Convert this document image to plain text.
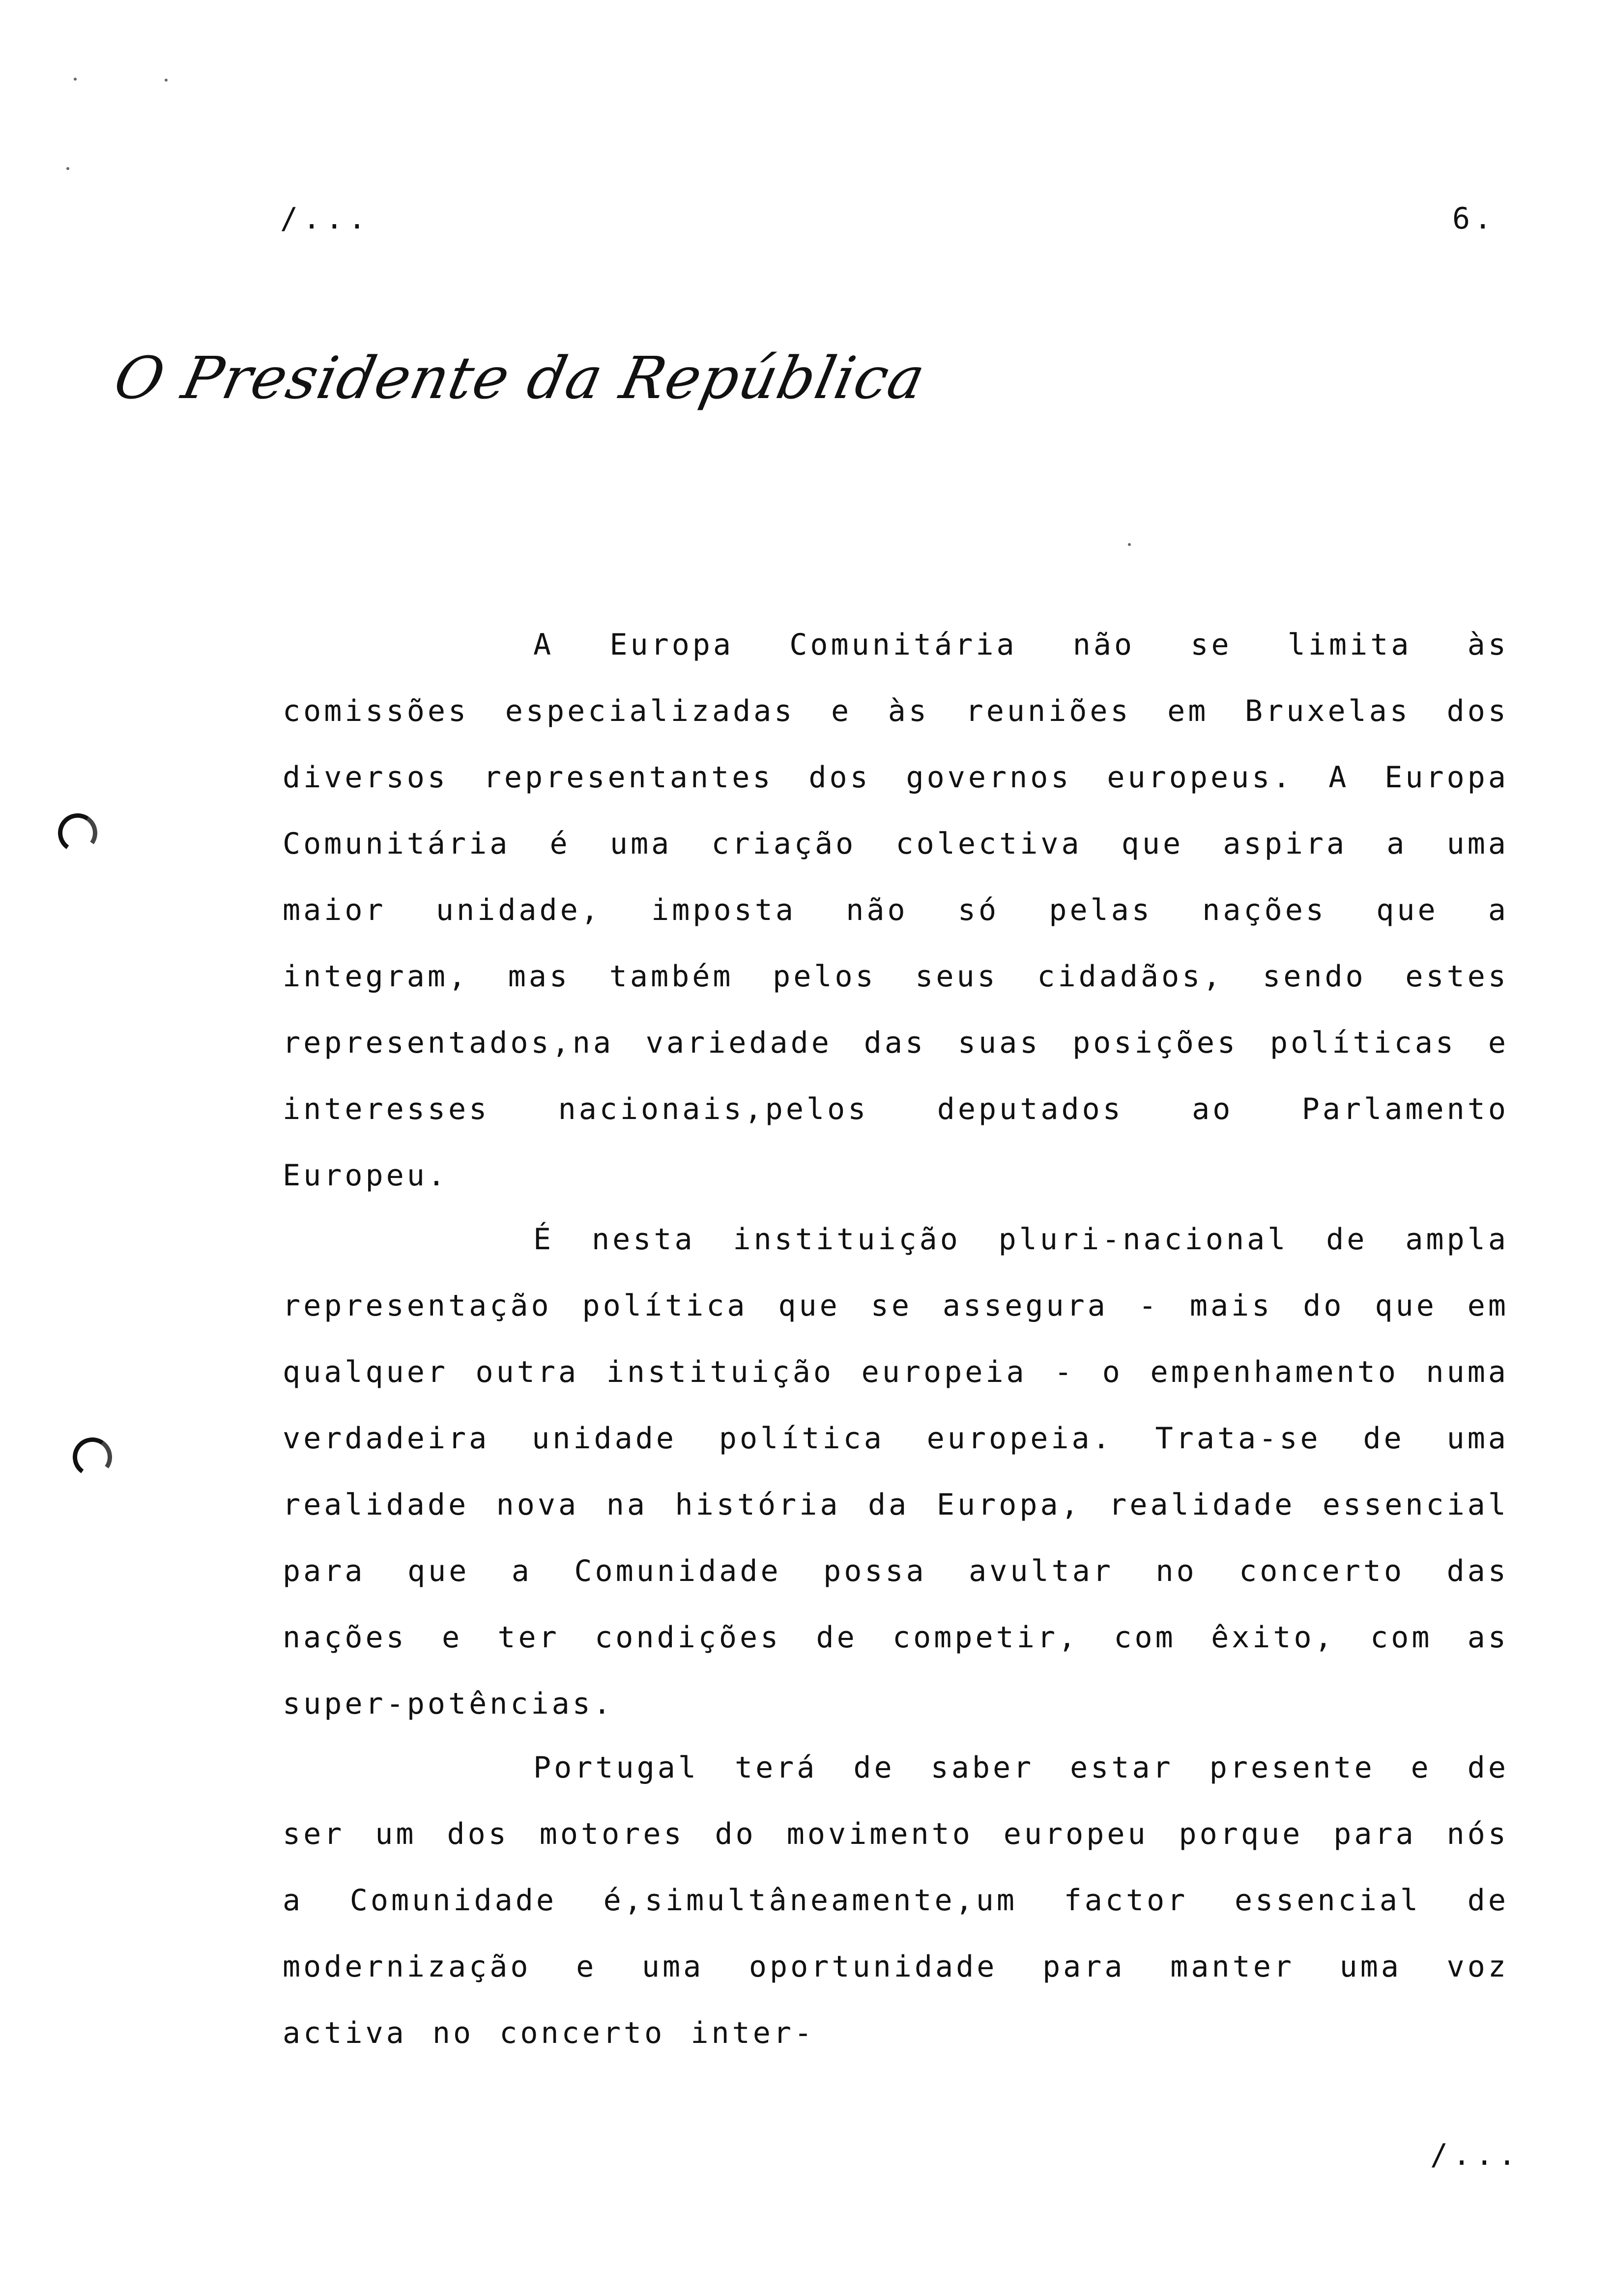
/...	6.
O Presidente da República

A Europa Comunitária não se limita às comissões especializadas e às reuniões em Bruxelas dos diversos representantes dos governos europeus. A Europa Comunitária é uma criação colectiva que aspira a uma maior unidade, imposta não só pelas nações que a integram, mas também pelos seus cidadãos, sendo estes representados,na variedade das suas posições políticas e interesses nacionais,pelos deputados ao Parlamento Europeu.

É nesta instituição pluri-nacional de ampla representação política que se assegura - mais do que em qualquer outra instituição europeia - o empenhamento numa verdadeira unidade política europeia. Trata-se de uma realidade nova na história da Europa, realidade essencial para que a Comunidade possa avultar no concerto das nações e ter condições de competir, com êxito, com as super-potências.

Portugal terá de saber estar presente e de ser um dos motores do movimento europeu porque para nós a Comunidade é,simultâneamente,um factor essencial de modernização e uma oportunidade para manter uma voz activa no concerto inter-

/...
